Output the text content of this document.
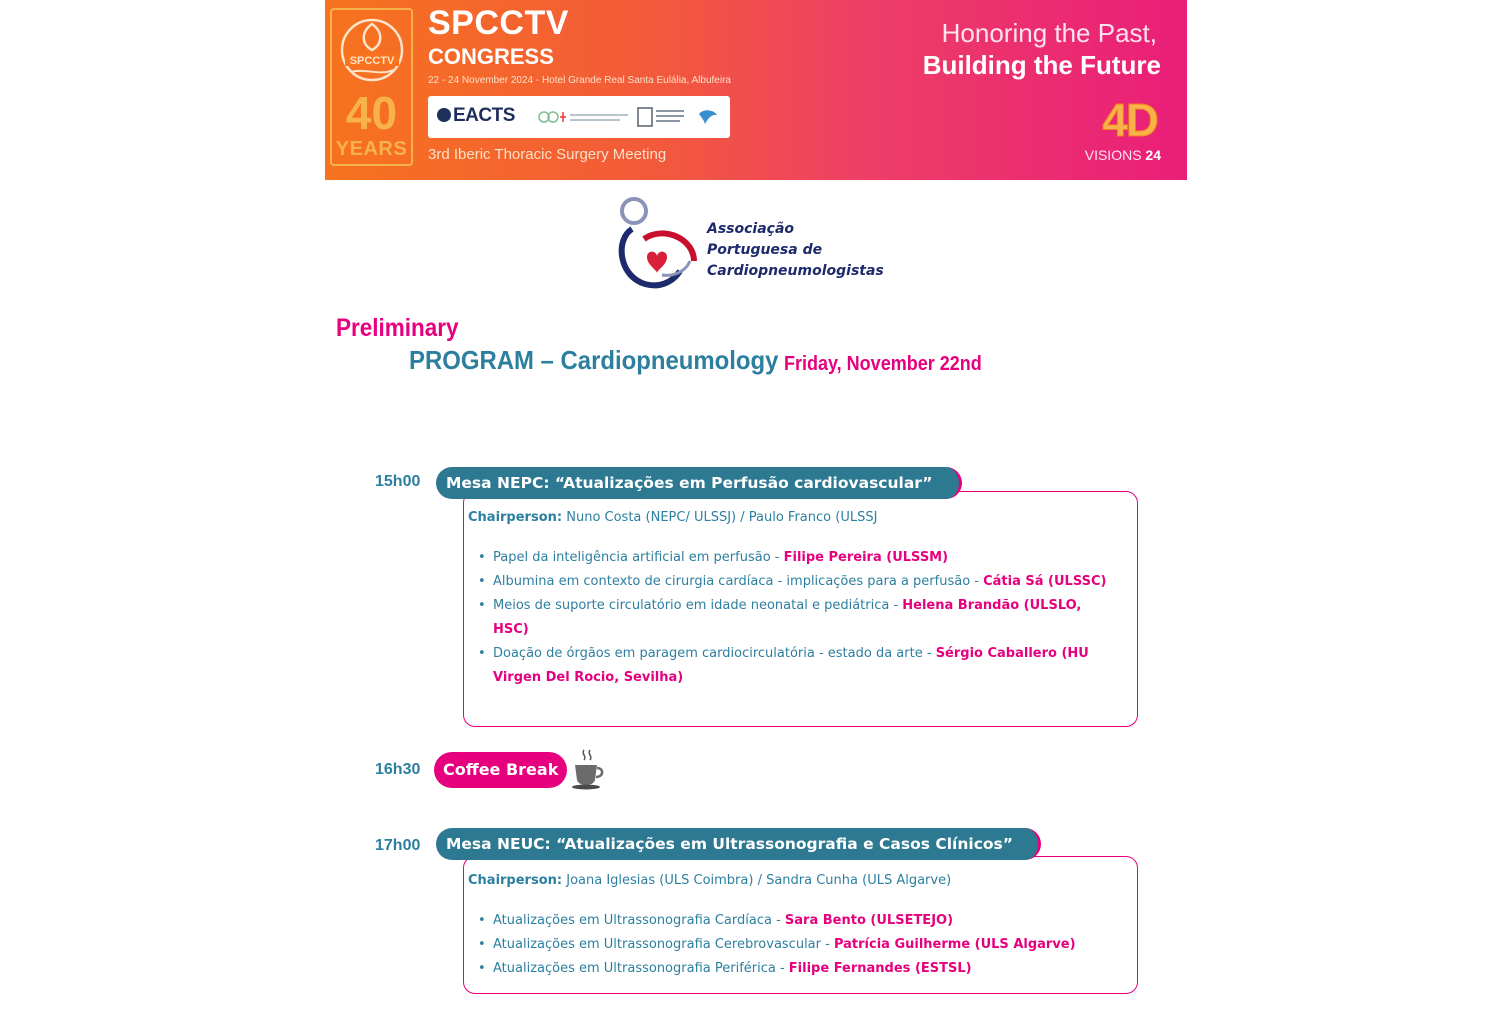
SPCCTV
40
YEARS
SPCCTV
CONGRESS
22 - 24 November 2024 - Hotel Grande Real Santa Eulália, Albufeira
EACTS
3rd Iberic Thoracic Surgery Meeting
Honoring the Past,
Building the Future
4D
VISIONS 24
Associação
Portuguesa de
Cardiopneumologistas
Preliminary
PROGRAM – Cardiopneumology Friday, November 22nd
15h00
Chairperson: Nuno Costa (NEPC/ ULSSJ) / Paulo Franco (ULSSJ
• Papel da inteligência artificial em perfusão - Filipe Pereira (ULSSM)
• Albumina em contexto de cirurgia cardíaca - implicações para a perfusão - Cátia Sá (ULSSC)
• Meios de suporte circulatório em idade neonatal e pediátrica - Helena Brandão (ULSLO, HSC)
• Doação de órgãos em paragem cardiocirculatória - estado da arte - Sérgio Caballero (HU Virgen Del Rocio, Sevilha)
Mesa NEPC: “Atualizações em Perfusão cardiovascular”
16h30	Coffee Break
17h00
Chairperson: Joana Iglesias (ULS Coimbra) / Sandra Cunha (ULS Algarve)
• Atualizações em Ultrassonografia Cardíaca - Sara Bento (ULSETEJO)
• Atualizações em Ultrassonografia Cerebrovascular - Patrícia Guilherme (ULS Algarve)
• Atualizações em Ultrassonografia Periférica - Filipe Fernandes (ESTSL)
Mesa NEUC: “Atualizações em Ultrassonografia e Casos Clínicos”
